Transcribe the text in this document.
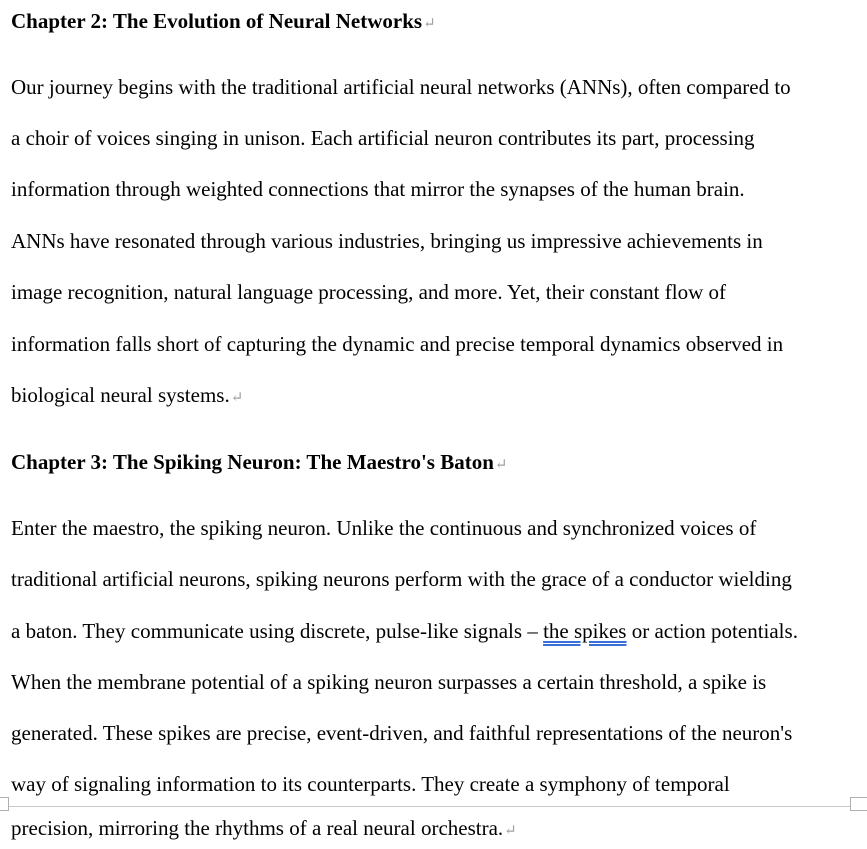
Chapter 2: The Evolution of Neural Networks↵
Our journey begins with the traditional artificial neural networks (ANNs), often compared to
a choir of voices singing in unison. Each artificial neuron contributes its part, processing
information through weighted connections that mirror the synapses of the human brain.
ANNs have resonated through various industries, bringing us impressive achievements in
image recognition, natural language processing, and more. Yet, their constant flow of
information falls short of capturing the dynamic and precise temporal dynamics observed in
biological neural systems.↵
Chapter 3: The Spiking Neuron: The Maestro's Baton↵
Enter the maestro, the spiking neuron. Unlike the continuous and synchronized voices of
traditional artificial neurons, spiking neurons perform with the grace of a conductor wielding
a baton. They communicate using discrete, pulse-like signals – the spikes or action potentials.
When the membrane potential of a spiking neuron surpasses a certain threshold, a spike is
generated. These spikes are precise, event-driven, and faithful representations of the neuron's
way of signaling information to its counterparts. They create a symphony of temporal
precision, mirroring the rhythms of a real neural orchestra.↵
